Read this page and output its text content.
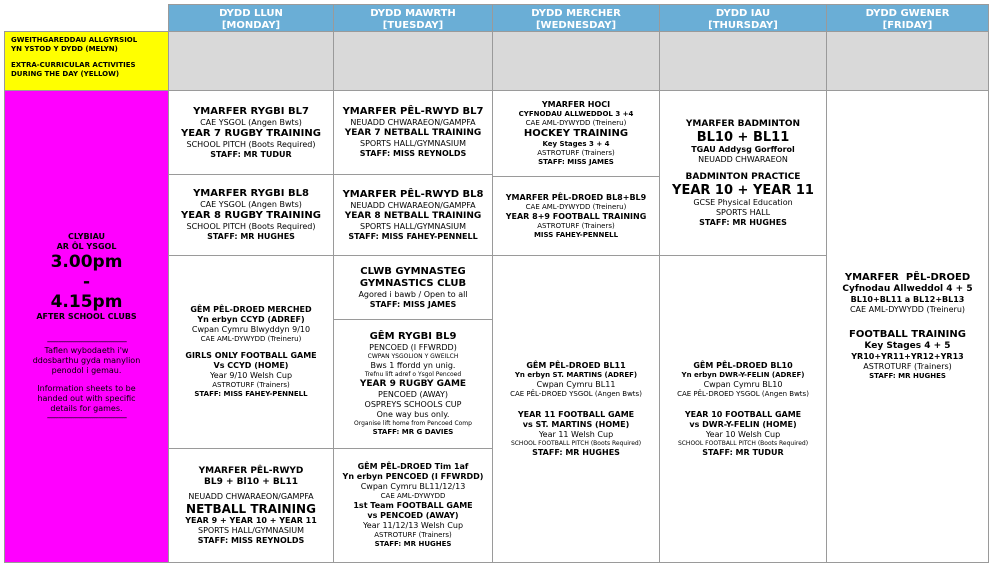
DYDD LLUN
[MONDAY]
DYDD MAWRTH
[TUESDAY]
DYDD MERCHER
[WEDNESDAY]
DYDD IAU
[THURSDAY]
DYDD GWENER
[FRIDAY]
GWEITHGAREDDAU ALLGYRSIOL
YN YSTOD Y DYDD (MELYN)
EXTRA-CURRICULAR ACTIVITIES
DURING THE DAY (YELLOW)
CLYBIAU
AR ÔL YSGOL
3.00pm
-
4.15pm
AFTER SCHOOL CLUBS
------------------------------------------
Taflen wybodaeth i'w
ddosbarthu gyda manylion
penodol i gemau.
Information sheets to be
handed out with specific
details for games.
------------------------------------------
YMARFER RYGBI BL7
CAE YSGOL (Angen Bwts)
YEAR 7 RUGBY TRAINING
SCHOOL PITCH (Boots Required)
STAFF: MR TUDUR
YMARFER RYGBI BL8
CAE YSGOL (Angen Bwts)
YEAR 8 RUGBY TRAINING
SCHOOL PITCH (Boots Required)
STAFF: MR HUGHES
GÊM PÊL-DROED MERCHED
Yn erbyn CCYD (ADREF)
Cwpan Cymru Blwyddyn 9/10
CAE AML-DYWYDD (Treineru)
GIRLS ONLY FOOTBALL GAME
Vs CCYD (HOME)
Year 9/10 Welsh Cup
ASTROTURF (Trainers)
STAFF: MISS FAHEY-PENNELL
YMARFER PÊL-RWYD
BL9 + Bl10 + BL11
NEUADD CHWARAEON/GAMPFA
NETBALL TRAINING
YEAR 9 + YEAR 10 + YEAR 11
SPORTS HALL/GYMNASIUM
STAFF: MISS REYNOLDS
YMARFER PÊL-RWYD BL7
NEUADD CHWARAEON/GAMPFA
YEAR 7 NETBALL TRAINING
SPORTS HALL/GYMNASIUM
STAFF: MISS REYNOLDS
YMARFER PÊL-RWYD BL8
NEUADD CHWARAEON/GAMPFA
YEAR 8 NETBALL TRAINING
SPORTS HALL/GYMNASIUM
STAFF: MISS FAHEY-PENNELL
CLWB GYMNASTEG
GYMNASTICS CLUB
Agored i bawb / Open to all
STAFF: MISS JAMES
GÊM RYGBI BL9
PENCOED (I FFWRDD)
CWPAN YSGOLION Y GWEILCH
Bws 1 ffordd yn unig.
Trefnu lift adref o Ysgol Pencoed
YEAR 9 RUGBY GAME
PENCOED (AWAY)
OSPREYS SCHOOLS CUP
One way bus only.
Organise lift home from Pencoed Comp
STAFF: MR G DAVIES
GÊM PÊL-DROED Tim 1af
Yn erbyn PENCOED (I FFWRDD)
Cwpan Cymru BL11/12/13
CAE AML-DYWYDD
1st Team FOOTBALL GAME
vs PENCOED (AWAY)
Year 11/12/13 Welsh Cup
ASTROTURF (Trainers)
STAFF: MR HUGHES
YMARFER HOCI
CYFNODAU ALLWEDDOL 3 +4
CAE AML-DYWYDD (Treineru)
HOCKEY TRAINING
Key Stages 3 + 4
ASTROTURF (Trainers)
STAFF: MISS JAMES
YMARFER PÊL-DROED BL8+BL9
CAE AML-DYWYDD (Treineru)
YEAR 8+9 FOOTBALL TRAINING
ASTROTURF (Trainers)
MISS FAHEY-PENNELL
GÊM PÊL-DROED BL11
Yn erbyn ST. MARTINS (ADREF)
Cwpan Cymru BL11
CAE PÊL-DROED YSGOL (Angen Bwts)
YEAR 11 FOOTBALL GAME
vs ST. MARTINS (HOME)
Year 11 Welsh Cup
SCHOOL FOOTBALL PITCH (Boots Required)
STAFF: MR HUGHES
YMARFER BADMINTON
BL10 + BL11
TGAU Addysg Gorfforol
NEUADD CHWARAEON
BADMINTON PRACTICE
YEAR 10 + YEAR 11
GCSE Physical Education
SPORTS HALL
STAFF: MR HUGHES
GÊM PÊL-DROED BL10
Yn erbyn DWR-Y-FELIN (ADREF)
Cwpan Cymru BL10
CAE PÊL-DROED YSGOL (Angen Bwts)
YEAR 10 FOOTBALL GAME
vs DWR-Y-FELIN (HOME)
Year 10 Welsh Cup
SCHOOL FOOTBALL PITCH (Boots Required)
STAFF: MR TUDUR
YMARFER  PÊL-DROED
Cyfnodau Allweddol 4 + 5
BL10+BL11 a BL12+BL13
CAE AML-DYWYDD (Treineru)
FOOTBALL TRAINING
Key Stages 4 + 5
YR10+YR11+YR12+YR13
ASTROTURF (Trainers)
STAFF: MR HUGHES
